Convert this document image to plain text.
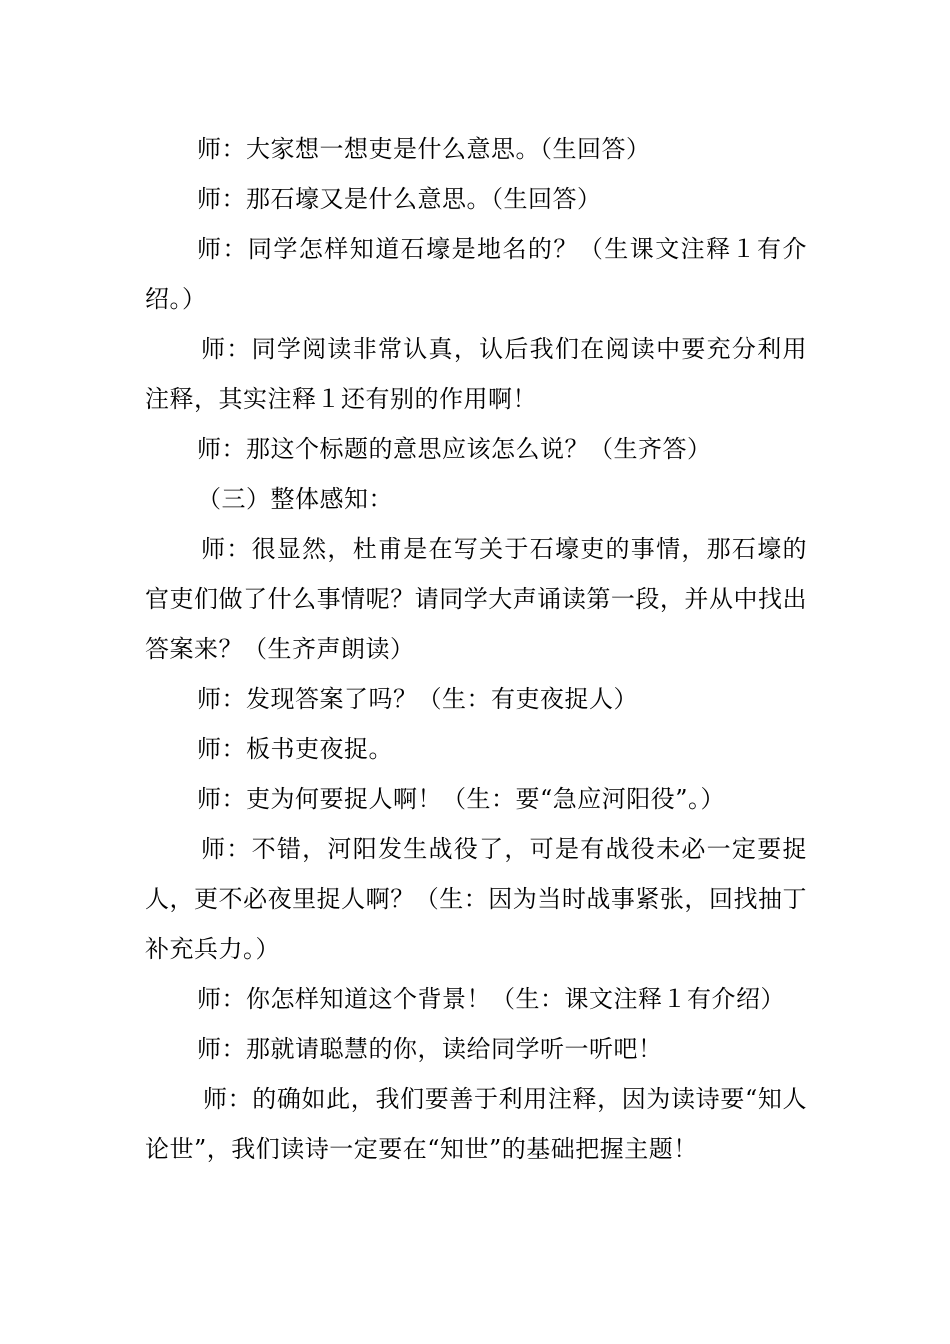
师：大家想一想吏是什么意思。（生回答）

师：那石壕又是什么意思。（生回答）

师：同学怎样知道石壕是地名的？（生课文注释１有介绍。）

师：同学阅读非常认真，认后我们在阅读中要充分利用注释，其实注释１还有别的作用啊！

师：那这个标题的意思应该怎么说？（生齐答）

（三）整体感知：

师：很显然，杜甫是在写关于石壕吏的事情，那石壕的官吏们做了什么事情呢？请同学大声诵读第一段，并从中找出答案来？（生齐声朗读）

师：发现答案了吗？（生：有吏夜捉人）

师：板书吏夜捉。

师：吏为何要捉人啊！（生：要“急应河阳役”。）

师：不错，河阳发生战役了，可是有战役未必一定要捉人，更不必夜里捉人啊？（生：因为当时战事紧张，回找抽丁补充兵力。）

师：你怎样知道这个背景！（生：课文注释１有介绍）

师：那就请聪慧的你，读给同学听一听吧！

师：的确如此，我们要善于利用注释，因为读诗要“知人论世”，我们读诗一定要在“知世”的基础把握主题！
